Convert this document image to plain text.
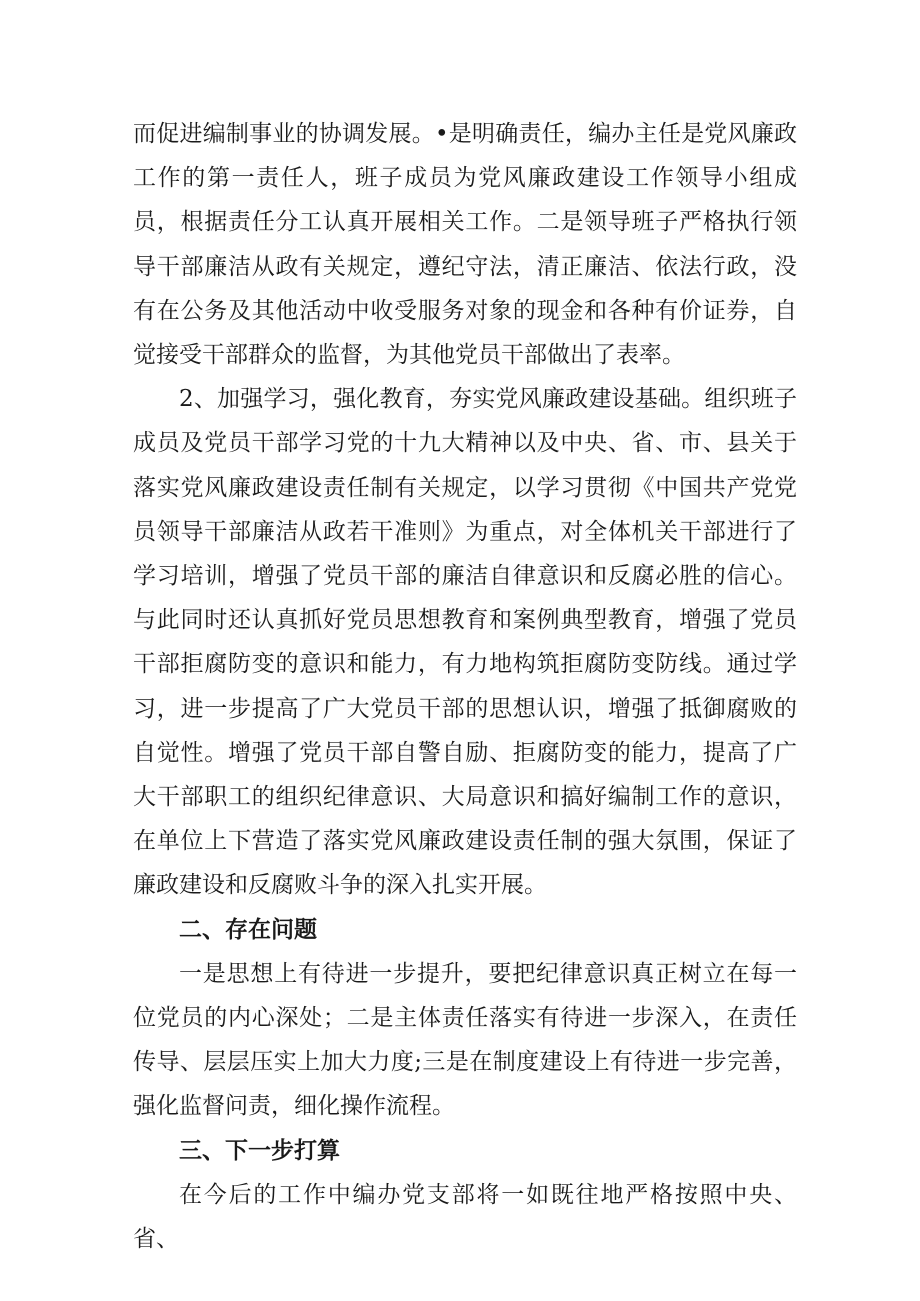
而促进编制事业的协调发展。•是明确责任，编办主任是党风廉政工作的第一责任人，班子成员为党风廉政建设工作领导小组成员，根据责任分工认真开展相关工作。二是领导班子严格执行领导干部廉洁从政有关规定，遵纪守法，清正廉洁、依法行政，没有在公务及其他活动中收受服务对象的现金和各种有价证券，自觉接受干部群众的监督，为其他党员干部做出了表率。

2、加强学习，强化教育，夯实党风廉政建设基础。组织班子成员及党员干部学习党的十九大精神以及中央、省、市、县关于落实党风廉政建设责任制有关规定，以学习贯彻《中国共产党党员领导干部廉洁从政若干准则》为重点，对全体机关干部进行了学习培训，增强了党员干部的廉洁自律意识和反腐必胜的信心。与此同时还认真抓好党员思想教育和案例典型教育，增强了党员干部拒腐防变的意识和能力，有力地构筑拒腐防变防线。通过学习，进一步提高了广大党员干部的思想认识，增强了抵御腐败的自觉性。增强了党员干部自警自励、拒腐防变的能力，提高了广大干部职工的组织纪律意识、大局意识和搞好编制工作的意识，在单位上下营造了落实党风廉政建设责任制的强大氛围，保证了廉政建设和反腐败斗争的深入扎实开展。

二、存在问题

一是思想上有待进一步提升，要把纪律意识真正树立在每一位党员的内心深处；二是主体责任落实有待进一步深入，在责任传导、层层压实上加大力度;三是在制度建设上有待进一步完善，强化监督问责，细化操作流程。

三、下一步打算

在今后的工作中编办党支部将一如既往地严格按照中央、省、
